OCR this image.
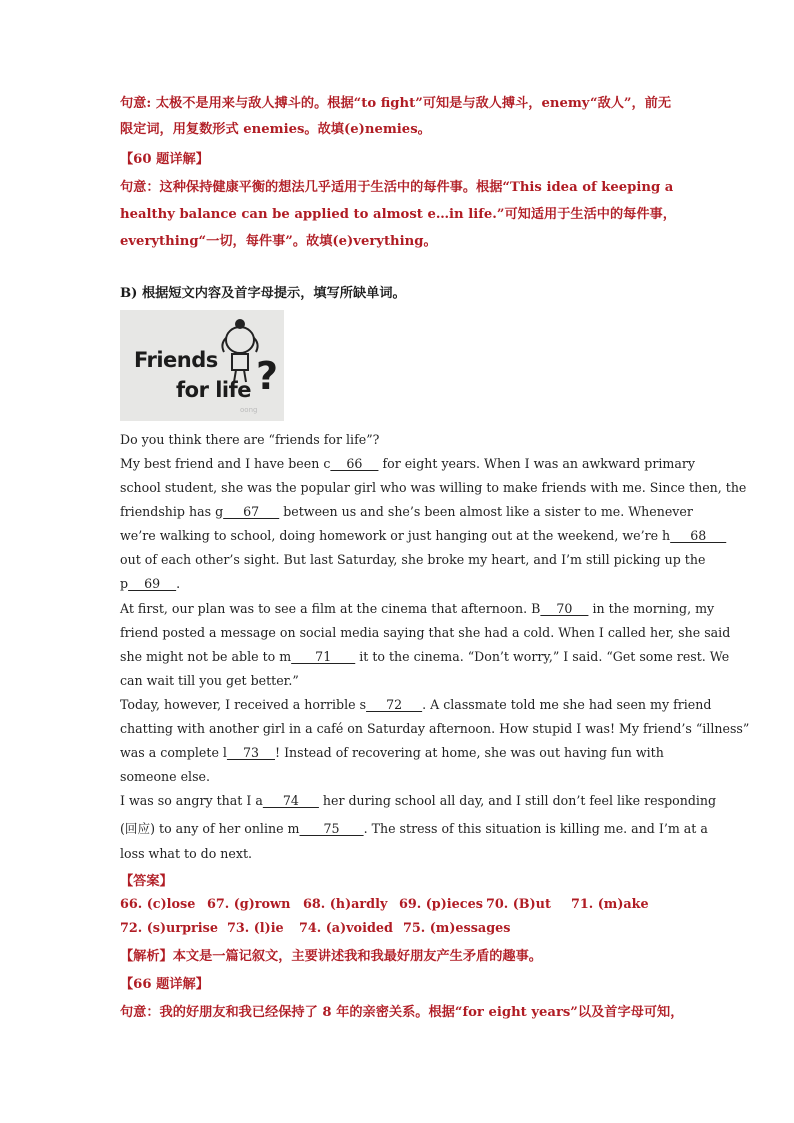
句意: 太极不是用来与敌人搏斗的。根据“to fight”可知是与敌人搏斗，enemy“敌人”，前无
限定词，用复数形式 enemies。故填(e)nemies。
【60 题详解】
句意：这种保持健康平衡的想法几乎适用于生活中的每件事。根据“This idea of keeping a
healthy balance can be applied to almost e…in life.”可知适用于生活中的每件事，
everything“一切，每件事”。故填(e)verything。
B) 根据短文内容及首字母提示，填写所缺单词。
oong
Friends
for life ?
Do you think there are “friends for life”?
My best friend and I have been c    66     for eight years. When I was an awkward primary
school student, she was the popular girl who was willing to make friends with me. Since then, the
friendship has g     67      between us and she’s been almost like a sister to me. Whenever
we’re walking to school, doing homework or just hanging out at the weekend, we’re h     68
out of each other’s sight. But last Saturday, she broke my heart, and I’m still picking up the
p    69    .
At first, our plan was to see a film at the cinema that afternoon. B    70     in the morning, my
friend posted a message on social media saying that she had a cold. When I called her, she said
she might not be able to m      71       it to the cinema. “Don’t worry,” I said. “Get some rest. We
can wait till you get better.”
Today, however, I received a horrible s     72     . A classmate told me she had seen my friend
chatting with another girl in a café on Saturday afternoon. How stupid I was! My friend’s “illness”
was a complete l    73    ! Instead of recovering at home, she was out having fun with
someone else.
I was so angry that I a     74      her during school all day, and I still don’t feel like responding
(回应) to any of her online m      75      . The stress of this situation is killing me. and I’m at a
loss what to do next.
【答案】
66. (c)lose 67. (g)rown 68. (h)ardly 69. (p)ieces 70. (B)ut 71. (m)ake
72. (s)urprise 73. (l)ie 74. (a)voided 75. (m)essages
【解析】本文是一篇记叙文，主要讲述我和我最好朋友产生矛盾的趣事。
【66 题详解】
句意：我的好朋友和我已经保持了 8 年的亲密关系。根据“for eight years”以及首字母可知，
